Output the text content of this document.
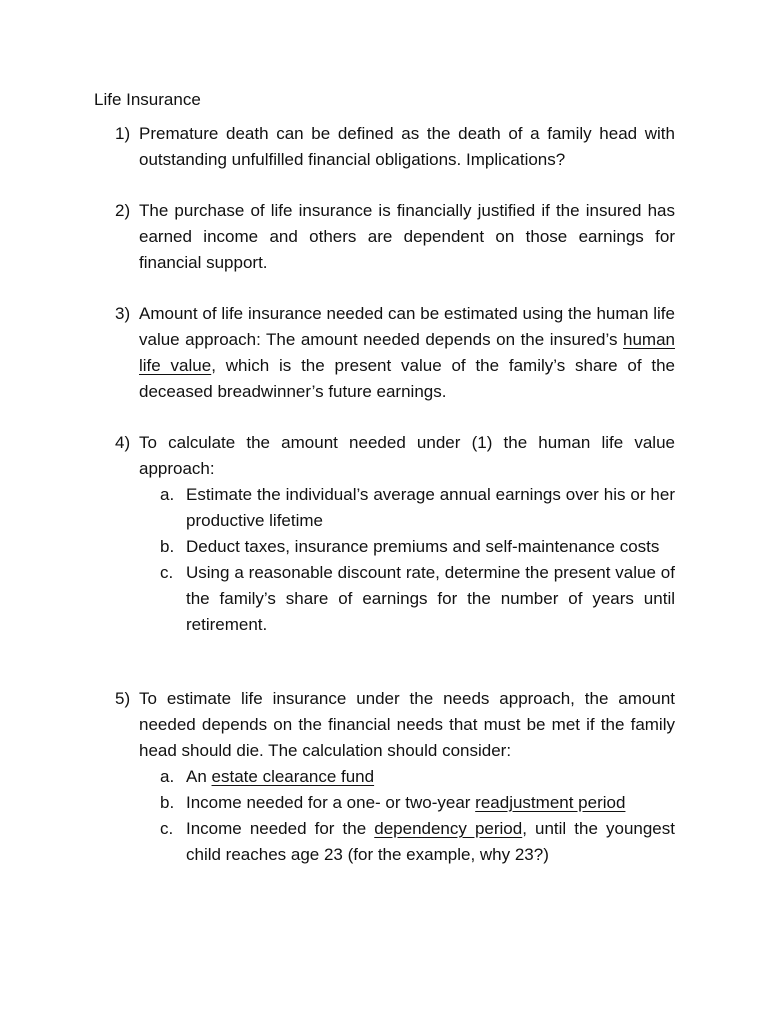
Life Insurance
1) Premature death can be defined as the death of a family head with outstanding unfulfilled financial obligations. Implications?
2) The purchase of life insurance is financially justified if the insured has earned income and others are dependent on those earnings for financial support.
3) Amount of life insurance needed can be estimated using the human life value approach: The amount needed depends on the insured’s human life value, which is the present value of the family’s share of the deceased breadwinner’s future earnings.
4) To calculate the amount needed under (1) the human life value approach:
a. Estimate the individual’s average annual earnings over his or her productive lifetime
b. Deduct taxes, insurance premiums and self-maintenance costs
c. Using a reasonable discount rate, determine the present value of the family’s share of earnings for the number of years until retirement.
5) To estimate life insurance under the needs approach, the amount needed depends on the financial needs that must be met if the family head should die. The calculation should consider:
a. An estate clearance fund
b. Income needed for a one- or two-year readjustment period
c. Income needed for the dependency period, until the youngest child reaches age 23 (for the example, why 23?)
